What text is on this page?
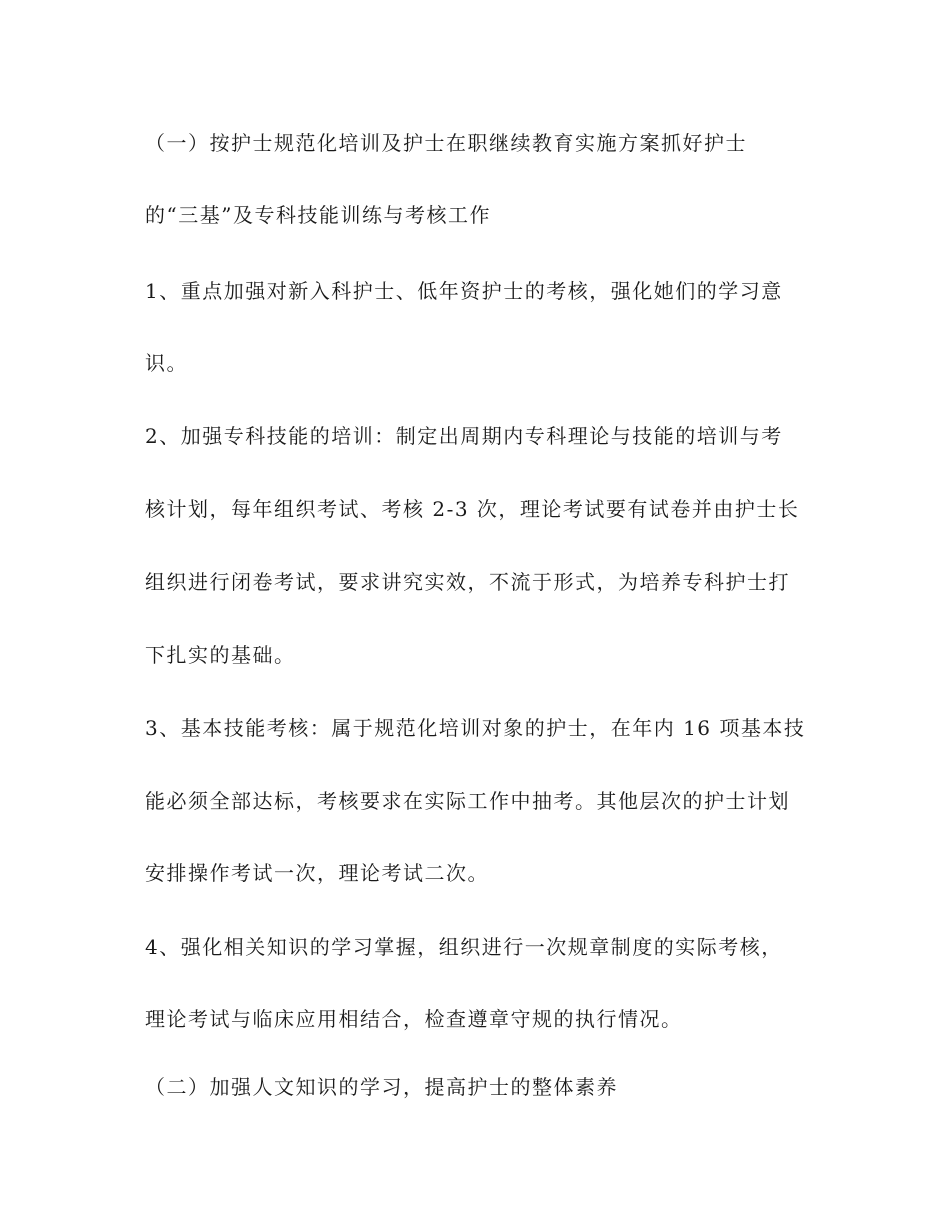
（一）按护士规范化培训及护士在职继续教育实施方案抓好护士

的“三基”及专科技能训练与考核工作

1、重点加强对新入科护士、低年资护士的考核，强化她们的学习意

识。

2、加强专科技能的培训：制定出周期内专科理论与技能的培训与考

核计划，每年组织考试、考核 2-3 次，理论考试要有试卷并由护士长

组织进行闭卷考试，要求讲究实效，不流于形式，为培养专科护士打

下扎实的基础。

3、基本技能考核：属于规范化培训对象的护士，在年内 16 项基本技

能必须全部达标，考核要求在实际工作中抽考。其他层次的护士计划

安排操作考试一次，理论考试二次。

4、强化相关知识的学习掌握，组织进行一次规章制度的实际考核，

理论考试与临床应用相结合，检查遵章守规的执行情况。

（二）加强人文知识的学习，提高护士的整体素养
